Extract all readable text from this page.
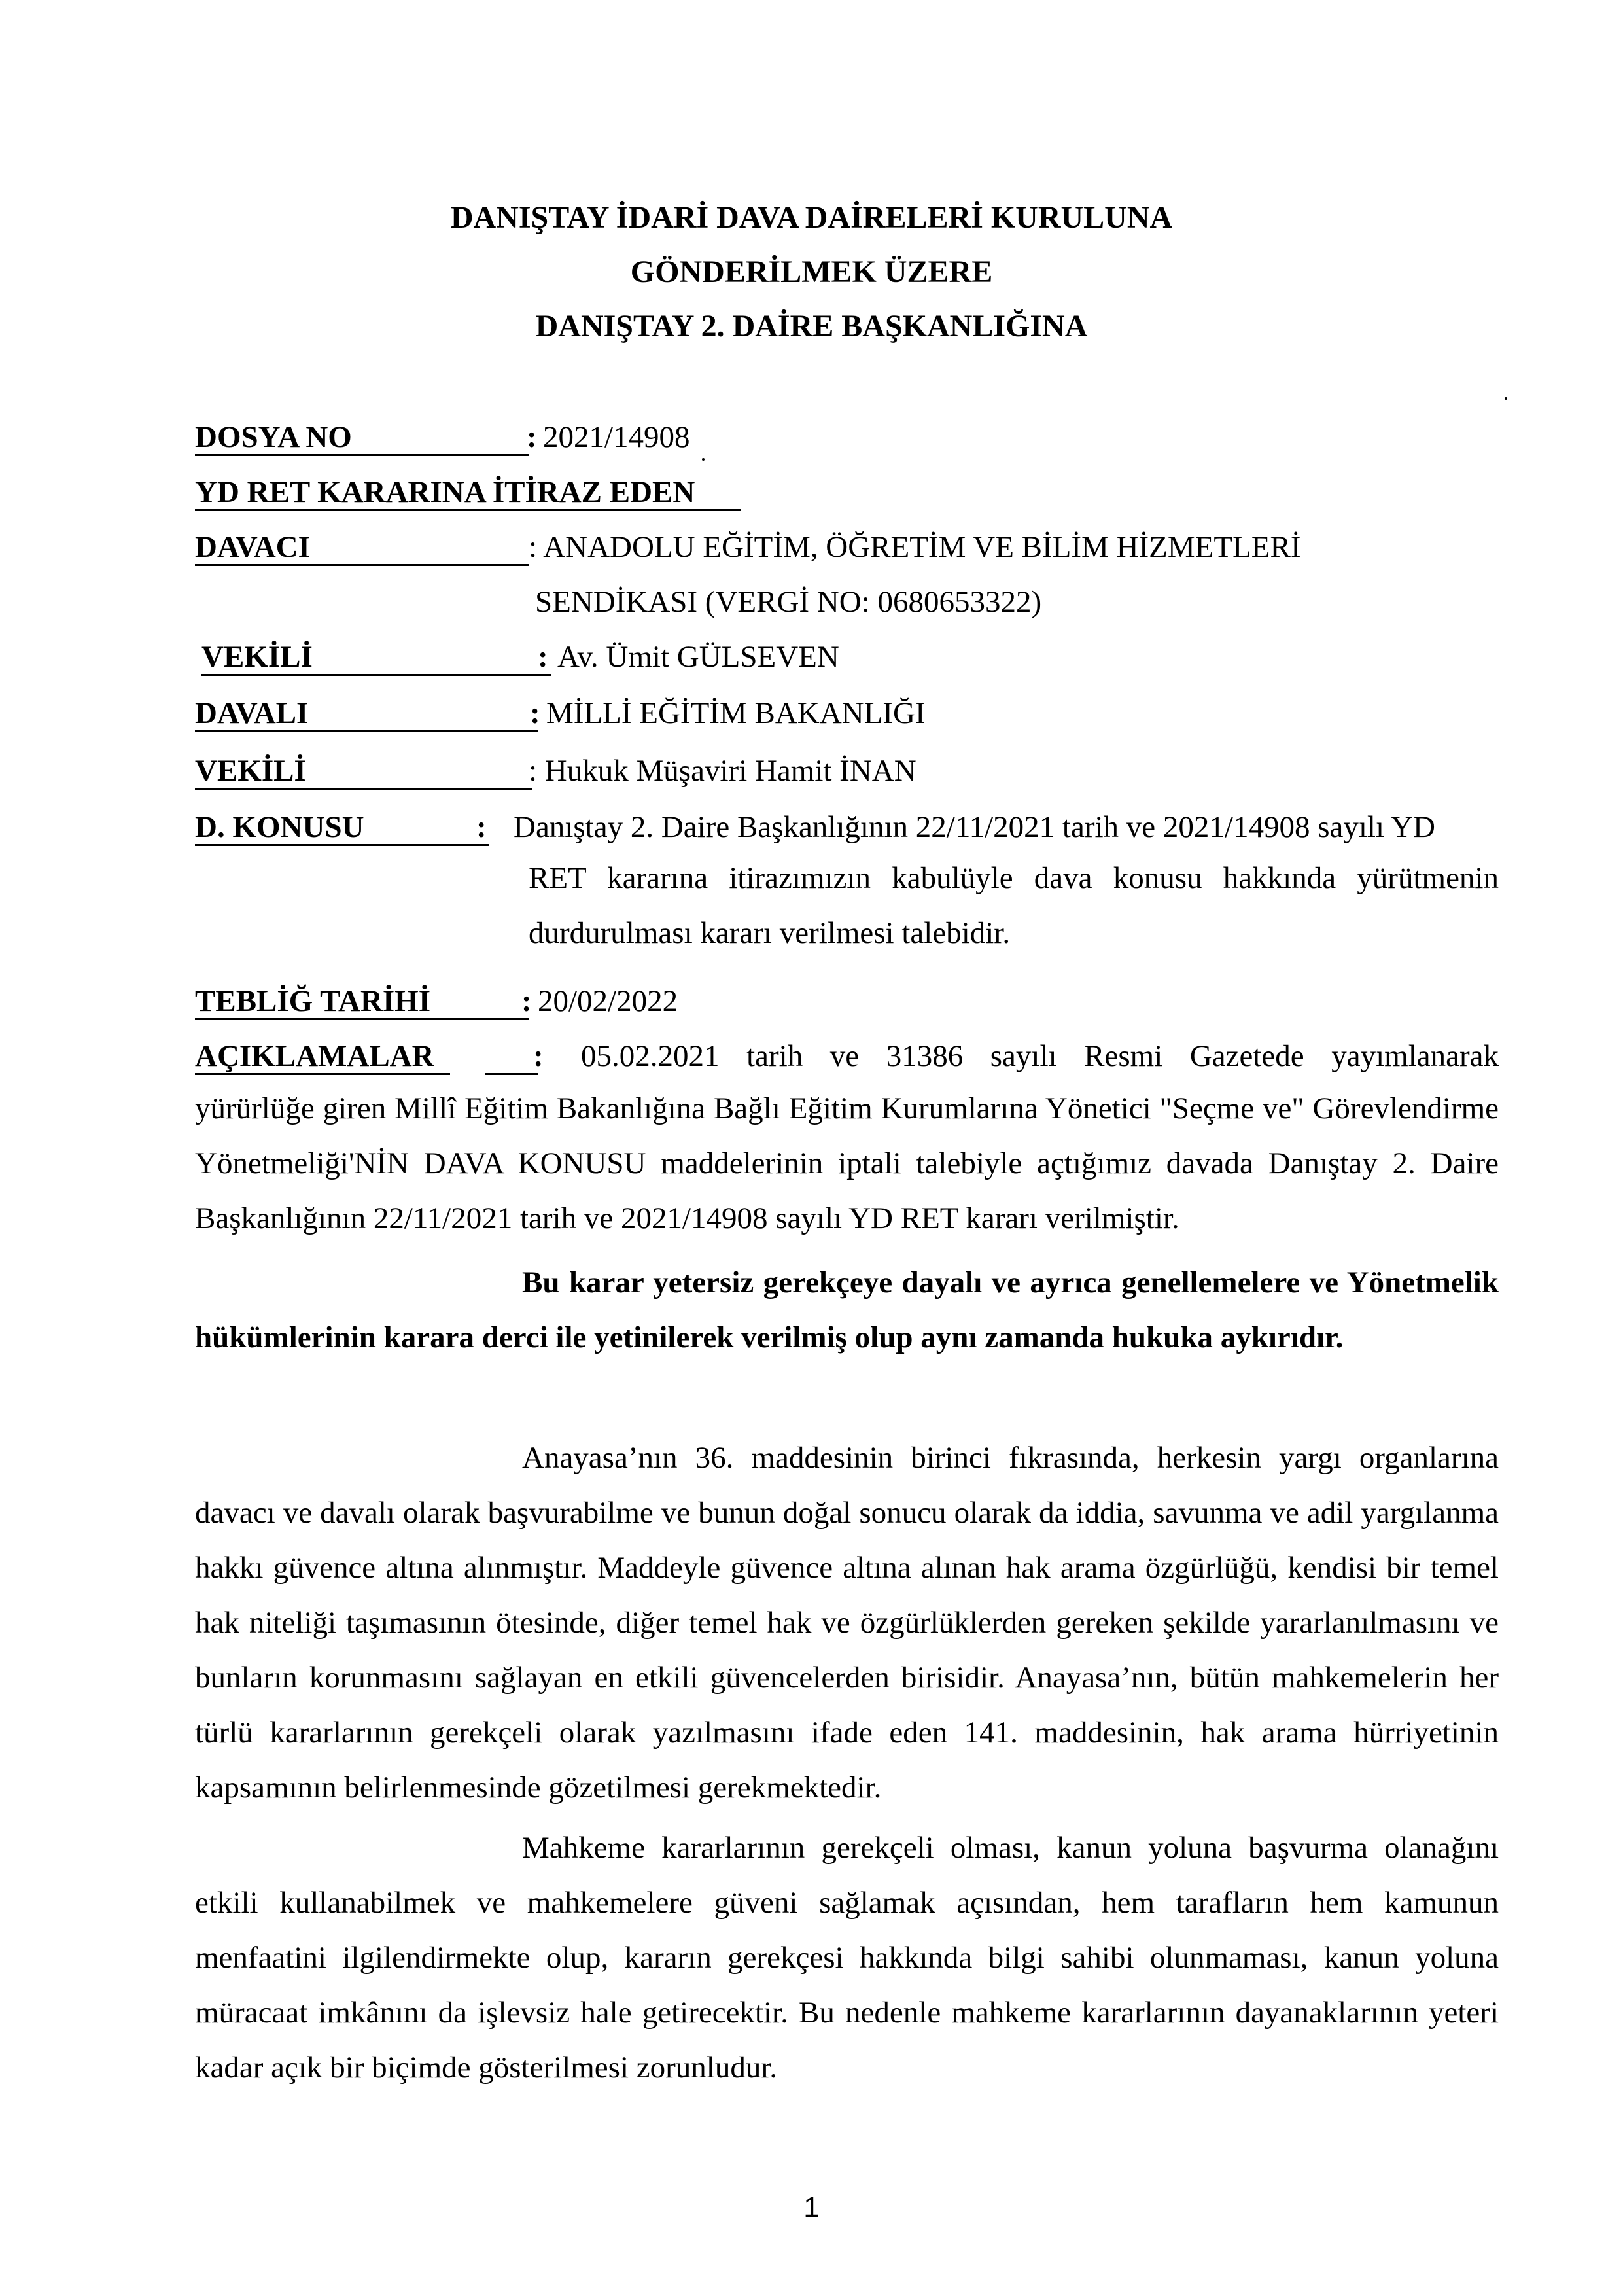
DANIŞTAY İDARİ DAVA DAİRELERİ KURULUNA
GÖNDERİLMEK ÜZERE
DANIŞTAY 2. DAİRE BAŞKANLIĞINA
DOSYA NO	: 2021/14908
YD RET KARARINA İTİRAZ EDEN
DAVACI	: ANADOLU EĞİTİM, ÖĞRETİM VE BİLİM HİZMETLERİ
SENDİKASI (VERGİ NO: 0680653322)
VEKİLİ	: Av. Ümit GÜLSEVEN
DAVALI	: MİLLİ EĞİTİM BAKANLIĞI
VEKİLİ	: Hukuk Müşaviri Hamit İNAN
D. KONUSU	: Danıştay 2. Daire Başkanlığının 22/11/2021 tarih ve 2021/14908 sayılı YD
RET kararına itirazımızın kabulüyle dava konusu hakkında yürütmenin durdurulması kararı verilmesi talebidir.
TEBLİĞ TARİHİ	: 20/02/2022
AÇIKLAMALAR	: 05.02.2021 tarih ve 31386 sayılı Resmi Gazetede yayımlanarak
yürürlüğe giren Millî Eğitim Bakanlığına Bağlı Eğitim Kurumlarına Yönetici "Seçme ve" Görevlendirme Yönetmeliği'NİN DAVA KONUSU maddelerinin iptali talebiyle açtığımız davada Danıştay 2. Daire Başkanlığının 22/11/2021 tarih ve 2021/14908 sayılı YD RET kararı verilmiştir.
Bu karar yetersiz gerekçeye dayalı ve ayrıca genellemelere ve Yönetmelik hükümlerinin karara derci ile yetinilerek verilmiş olup aynı zamanda hukuka aykırıdır.
Anayasa’nın 36. maddesinin birinci fıkrasında, herkesin yargı organlarına davacı ve davalı olarak başvurabilme ve bunun doğal sonucu olarak da iddia, savunma ve adil yargılanma hakkı güvence altına alınmıştır. Maddeyle güvence altına alınan hak arama özgürlüğü, kendisi bir temel hak niteliği taşımasının ötesinde, diğer temel hak ve özgürlüklerden gereken şekilde yararlanılmasını ve bunların korunmasını sağlayan en etkili güvencelerden birisidir. Anayasa’nın, bütün mahkemelerin her türlü kararlarının gerekçeli olarak yazılmasını ifade eden 141. maddesinin, hak arama hürriyetinin kapsamının belirlenmesinde gözetilmesi gerekmektedir.
Mahkeme kararlarının gerekçeli olması, kanun yoluna başvurma olanağını etkili kullanabilmek ve mahkemelere güveni sağlamak açısından, hem tarafların hem kamunun menfaatini ilgilendirmekte olup, kararın gerekçesi hakkında bilgi sahibi olunmaması, kanun yoluna müracaat imkânını da işlevsiz hale getirecektir. Bu nedenle mahkeme kararlarının dayanaklarının yeteri kadar açık bir biçimde gösterilmesi zorunludur.
1
